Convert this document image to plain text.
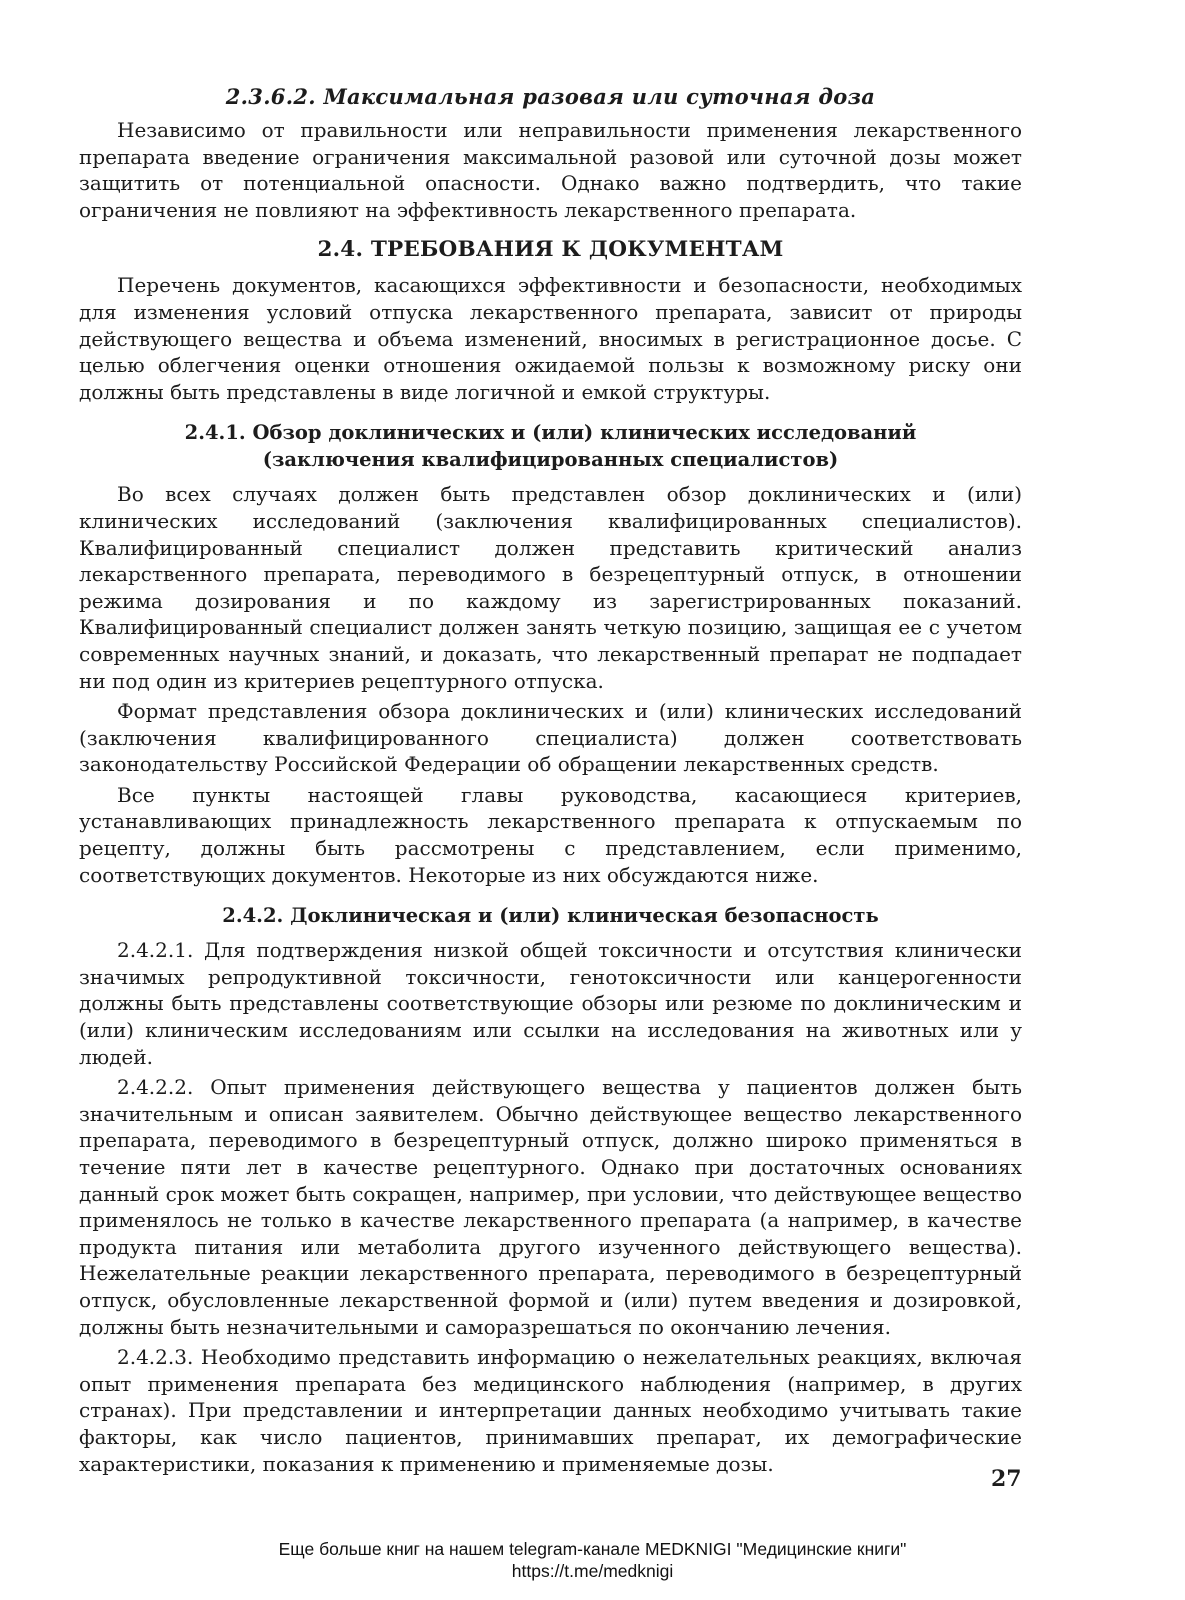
2.3.6.2. Максимальная разовая или суточная доза

Независимо от правильности или неправильности применения лекарственного препарата введение ограничения максимальной разовой или суточной дозы может защитить от потенциальной опасности. Однако важно подтвердить, что такие ограничения не повлияют на эффективность лекарственного препарата.

2.4. ТРЕБОВАНИЯ К ДОКУМЕНТАМ

Перечень документов, касающихся эффективности и безопасности, необходимых для изменения условий отпуска лекарственного препарата, зависит от природы действующего вещества и объема изменений, вносимых в регистрационное досье. С целью облегчения оценки отношения ожидаемой пользы к возможному риску они должны быть представлены в виде логичной и емкой структуры.

2.4.1. Обзор доклинических и (или) клинических исследований
(заключения квалифицированных специалистов)

Во всех случаях должен быть представлен обзор доклинических и (или) клинических исследований (заключения квалифицированных специалистов). Квалифицированный специалист должен представить критический анализ лекарственного препарата, переводимого в безрецептурный отпуск, в отношении режима дозирования и по каждому из зарегистрированных показаний. Квалифицированный специалист должен занять четкую позицию, защищая ее с учетом современных научных знаний, и доказать, что лекарственный препарат не подпадает ни под один из критериев рецептурного отпуска.

Формат представления обзора доклинических и (или) клинических исследований (заключения квалифицированного специалиста) должен соответствовать законодательству Российской Федерации об обращении лекарственных средств.

Все пункты настоящей главы руководства, касающиеся критериев, устанавливающих принадлежность лекарственного препарата к отпускаемым по рецепту, должны быть рассмотрены с представлением, если применимо, соответствующих документов. Некоторые из них обсуждаются ниже.

2.4.2. Доклиническая и (или) клиническая безопасность

2.4.2.1. Для подтверждения низкой общей токсичности и отсутствия клинически значимых репродуктивной токсичности, генотоксичности или канцерогенности должны быть представлены соответствующие обзоры или резюме по доклиническим и (или) клиническим исследованиям или ссылки на исследования на животных или у людей.

2.4.2.2. Опыт применения действующего вещества у пациентов должен быть значительным и описан заявителем. Обычно действующее вещество лекарственного препарата, переводимого в безрецептурный отпуск, должно широко применяться в течение пяти лет в качестве рецептурного. Однако при достаточных основаниях данный срок может быть сокращен, например, при условии, что действующее вещество применялось не только в качестве лекарственного препарата (а например, в качестве продукта питания или метаболита другого изученного действующего вещества). Нежелательные реакции лекарственного препарата, переводимого в безрецептурный отпуск, обусловленные лекарственной формой и (или) путем введения и дозировкой, должны быть незначительными и саморазрешаться по окончанию лечения.

2.4.2.3. Необходимо представить информацию о нежелательных реакциях, включая опыт применения препарата без медицинского наблюдения (например, в других странах). При представлении и интерпретации данных необходимо учитывать такие факторы, как число пациентов, принимавших препарат, их демографические характеристики, показания к применению и применяемые дозы.

27
Еще больше книг на нашем telegram-канале MEDKNIGI "Медицинские книги"
https://t.me/medknigi
